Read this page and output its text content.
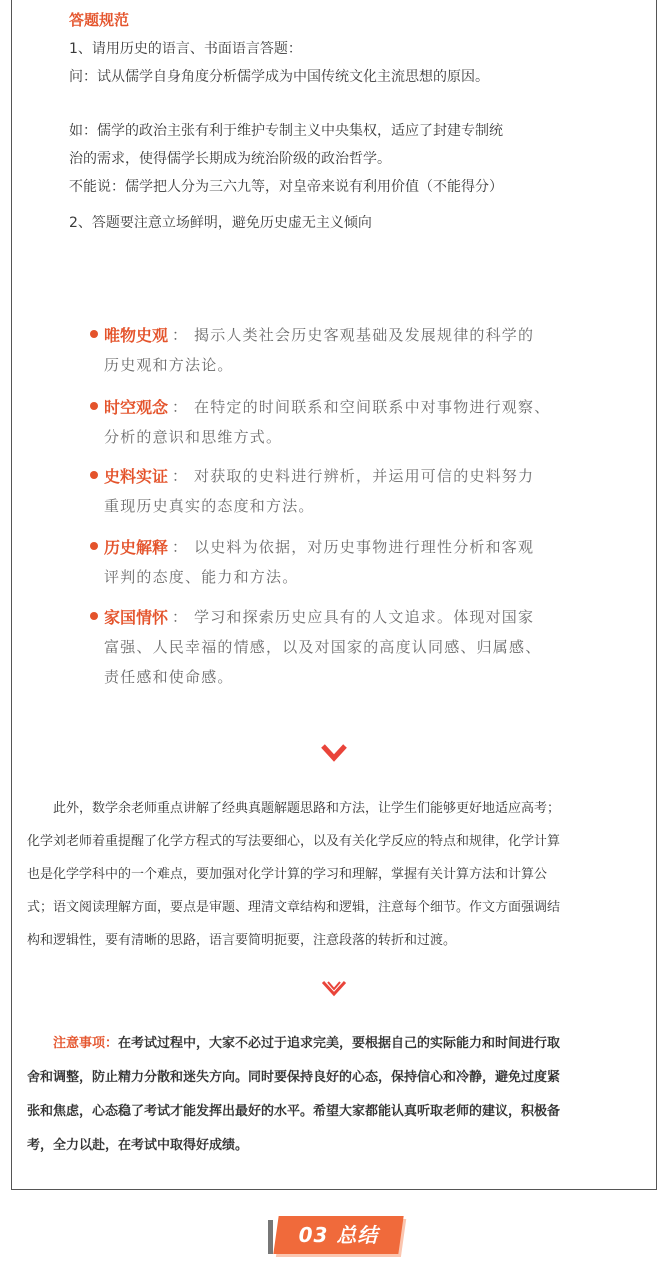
答题规范
1、请用历史的语言、书面语言答题：
问：试从儒学自身角度分析儒学成为中国传统文化主流思想的原因。
如：儒学的政治主张有利于维护专制主义中央集权，适应了封建专制统
治的需求，使得儒学长期成为统治阶级的政治哲学。
不能说：儒学把人分为三六九等，对皇帝来说有利用价值（不能得分）
2、答题要注意立场鲜明，避免历史虚无主义倾向
唯物史观 ： 揭示人类社会历史客观基础及发展规律的科学的
历史观和方法论。
时空观念 ： 在特定的时间联系和空间联系中对事物进行观察、
分析的意识和思维方式。
史料实证 ： 对获取的史料进行辨析，并运用可信的史料努力
重现历史真实的态度和方法。
历史解释 ： 以史料为依据，对历史事物进行理性分析和客观
评判的态度、能力和方法。
家国情怀 ： 学习和探索历史应具有的人文追求。体现对国家
富强、人民幸福的情感，以及对国家的高度认同感、归属感、
责任感和使命感。
　　此外，数学余老师重点讲解了经典真题解题思路和方法，让学生们能够更好地适应高考；
化学刘老师着重提醒了化学方程式的写法要细心，以及有关化学反应的特点和规律，化学计算
也是化学学科中的一个难点，要加强对化学计算的学习和理解，掌握有关计算方法和计算公
式；语文阅读理解方面，要点是审题、理清文章结构和逻辑，注意每个细节。作文方面强调结
构和逻辑性，要有清晰的思路，语言要简明扼要，注意段落的转折和过渡。
　　注意事项：在考试过程中，大家不必过于追求完美，要根据自己的实际能力和时间进行取
舍和调整，防止精力分散和迷失方向。同时要保持良好的心态，保持信心和冷静，避免过度紧
张和焦虑，心态稳了考试才能发挥出最好的水平。希望大家都能认真听取老师的建议，积极备
考，全力以赴，在考试中取得好成绩。
03 总结
